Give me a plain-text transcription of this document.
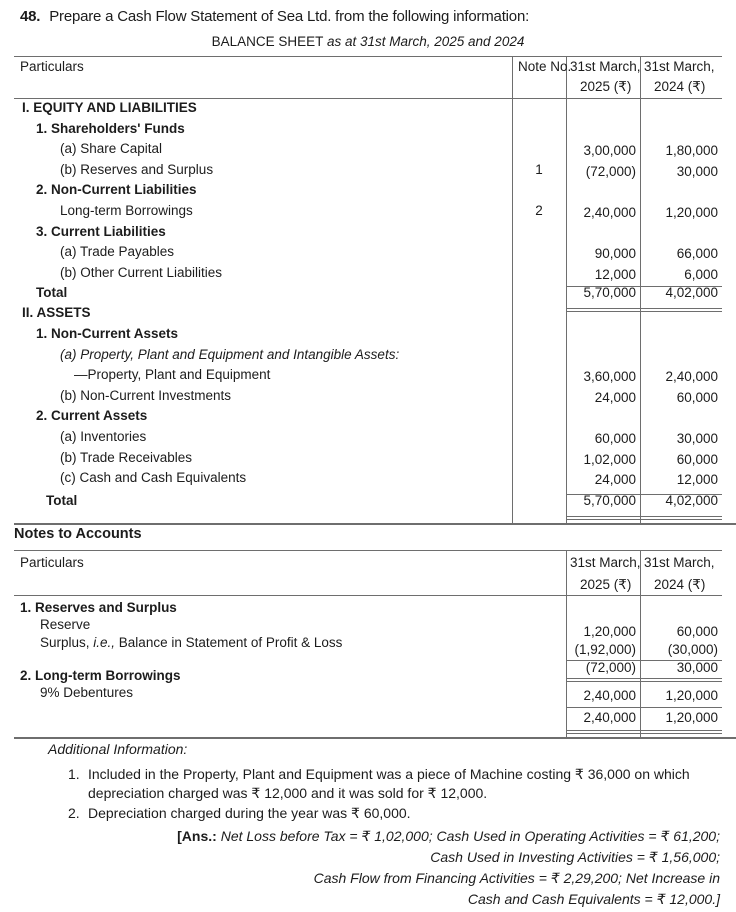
48. Prepare a Cash Flow Statement of Sea Ltd. from the following information:
BALANCE SHEET as at 31st March, 2025 and 2024
Particulars	Note No.
31st March,
2025 (₹)
31st March,
2024 (₹)
I. EQUITY AND LIABILITIES
1. Shareholders' Funds
(a) Share Capital	3,00,000	1,80,000
(b) Reserves and Surplus	1	(72,000)	30,000
2. Non-Current Liabilities
Long-term Borrowings	2	2,40,000	1,20,000
3. Current Liabilities
(a) Trade Payables	90,000	66,000
(b) Other Current Liabilities	12,000	6,000
Total	5,70,000	4,02,000
II. ASSETS
1. Non-Current Assets
(a) Property, Plant and Equipment and Intangible Assets:
—Property, Plant and Equipment	3,60,000	2,40,000
(b) Non-Current Investments	24,000	60,000
2. Current Assets
(a) Inventories	60,000	30,000
(b) Trade Receivables	1,02,000	60,000
(c) Cash and Cash Equivalents	24,000	12,000
Total	5,70,000	4,02,000
Notes to Accounts
Particulars	31st March,
2025 (₹)
31st March,
2024 (₹)
1. Reserves and Surplus
Reserve	1,20,000	60,000
Surplus, i.e., Balance in Statement of Profit & Loss	(1,92,000)	(30,000)
(72,000)	30,000
2. Long-term Borrowings
9% Debentures	2,40,000	1,20,000
2,40,000	1,20,000
Additional Information:
1. Included in the Property, Plant and Equipment was a piece of Machine costing ₹ 36,000 on which
depreciation charged was ₹ 12,000 and it was sold for ₹ 12,000.
2. Depreciation charged during the year was ₹ 60,000.
[Ans.: Net Loss before Tax = ₹ 1,02,000; Cash Used in Operating Activities = ₹ 61,200;
Cash Used in Investing Activities = ₹ 1,56,000;
Cash Flow from Financing Activities = ₹ 2,29,200; Net Increase in
Cash and Cash Equivalents = ₹ 12,000.]
